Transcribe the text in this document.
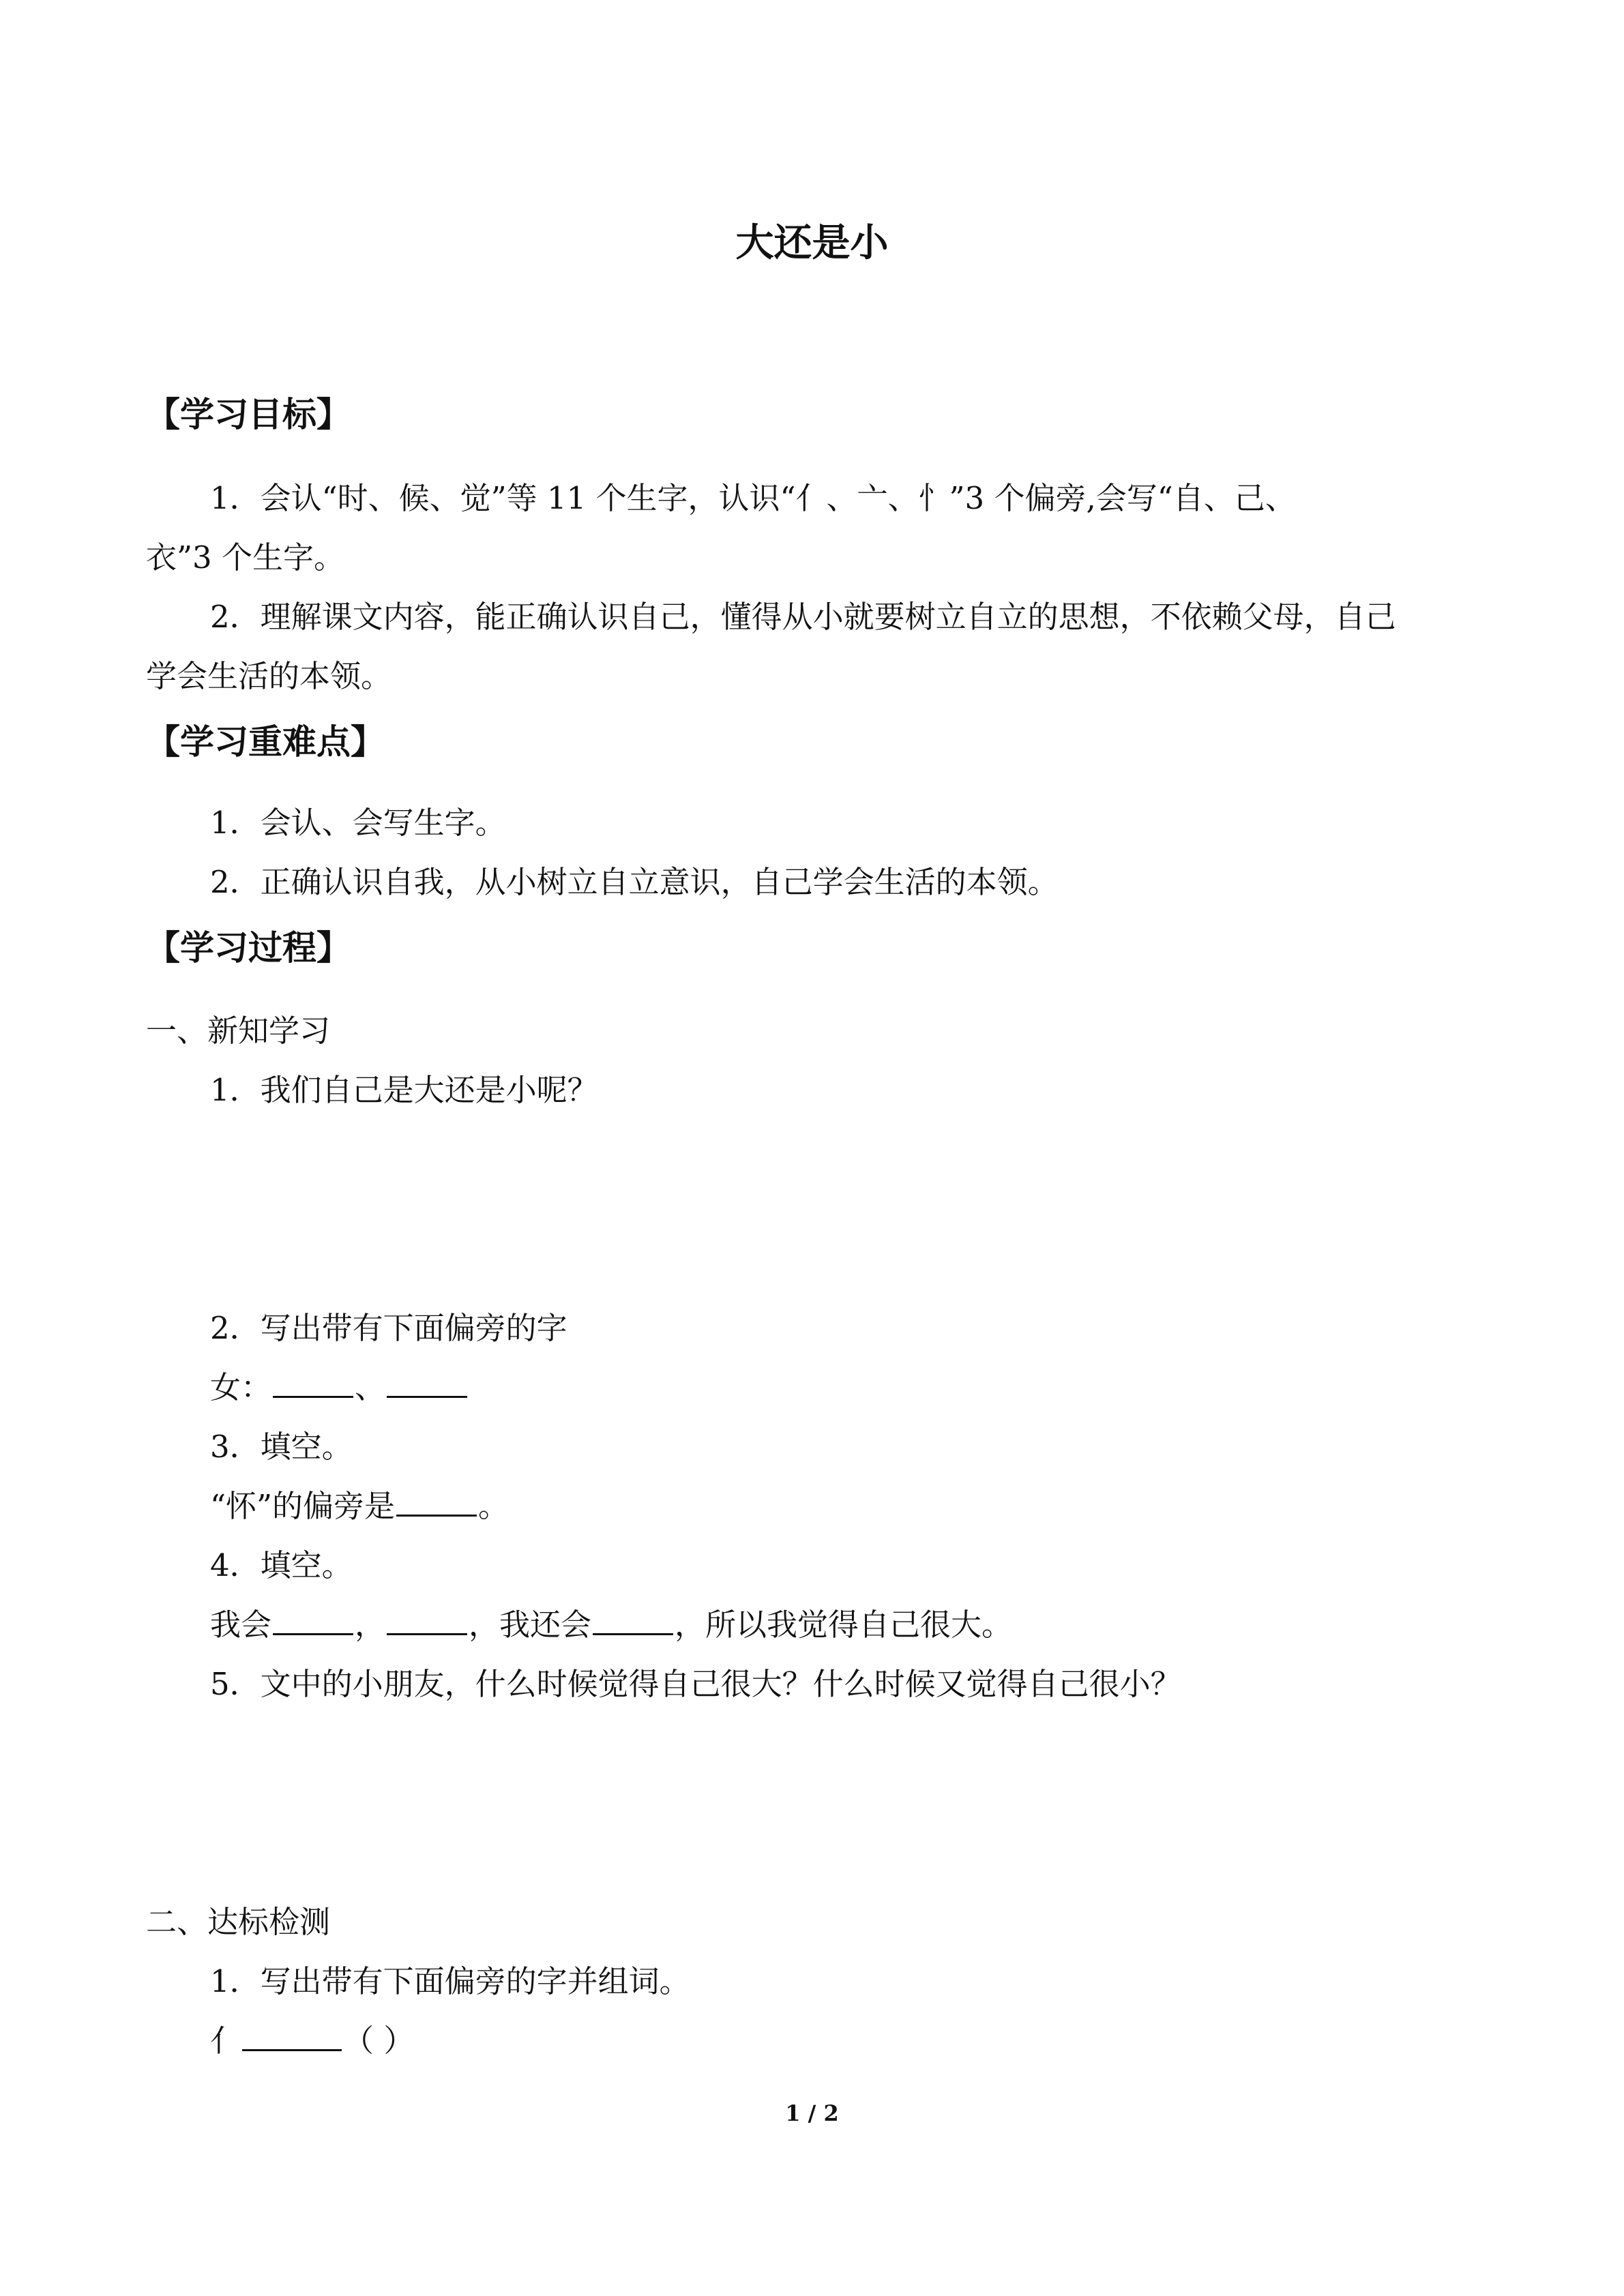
大还是小
【学习目标】
1．会认“时、候、觉”等 11 个生字，认识“亻、亠、忄”3 个偏旁,会写“自、己、
衣”3 个生字。
2．理解课文内容，能正确认识自己，懂得从小就要树立自立的思想，不依赖父母，自己
学会生活的本领。
【学习重难点】
1．会认、会写生字。
2．正确认识自我，从小树立自立意识，自己学会生活的本领。
【学习过程】
一、新知学习
1．我们自己是大还是小呢？
2．写出带有下面偏旁的字
女：	、
3．填空。
“怀”的偏旁是	。
4．填空。
我会	，	，我还会	，所以我觉得自己很大。
5．文中的小朋友，什么时候觉得自己很大？什么时候又觉得自己很小？
二、达标检测
1．写出带有下面偏旁的字并组词。
亻	（ ）
1 / 2
